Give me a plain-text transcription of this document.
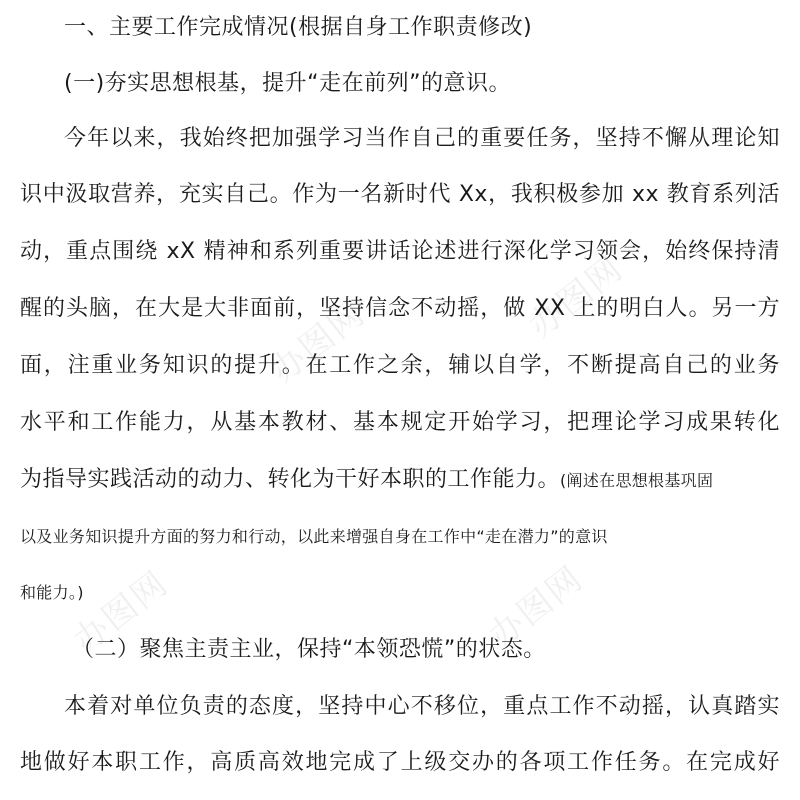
办图网	办图网
办图网	办图网
一、主要工作完成情况(根据自身工作职责修改)
(一)夯实思想根基，提升“走在前列”的意识。
今年以来，我始终把加强学习当作自己的重要任务，坚持不懈从理论知
识中汲取营养，充实自己。作为一名新时代 Xx，我积极参加 xx 教育系列活
动，重点围绕 xX 精神和系列重要讲话论述进行深化学习领会，始终保持清
醒的头脑，在大是大非面前，坚持信念不动摇，做 XX 上的明白人。另一方
面，注重业务知识的提升。在工作之余，辅以自学，不断提高自己的业务
水平和工作能力，从基本教材、基本规定开始学习，把理论学习成果转化
为指导实践活动的动力、转化为干好本职的工作能力。(阐述在思想根基巩固
以及业务知识提升方面的努力和行动，以此来增强自身在工作中“走在潜力”的意识
和能力。)
（二）聚焦主责主业，保持“本领恐慌”的状态。
本着对单位负责的态度，坚持中心不移位，重点工作不动摇，认真踏实
地做好本职工作，高质高效地完成了上级交办的各项工作任务。在完成好
